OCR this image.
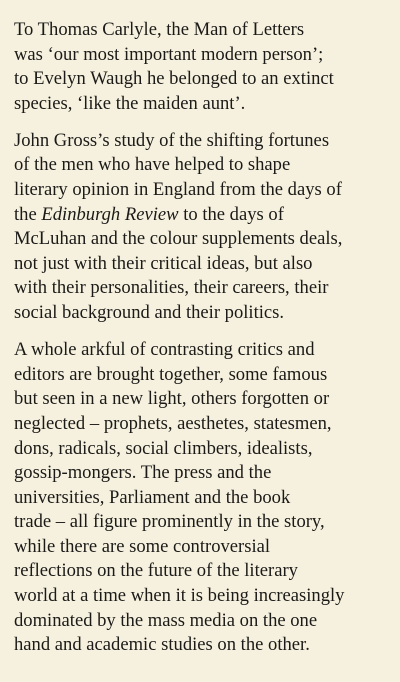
To Thomas Carlyle, the Man of Letters
was ‘our most important modern person’;
to Evelyn Waugh he belonged to an extinct
species, ‘like the maiden aunt’.

John Gross’s study of the shifting fortunes
of the men who have helped to shape
literary opinion in England from the days of
the Edinburgh Review to the days of
McLuhan and the colour supplements deals,
not just with their critical ideas, but also
with their personalities, their careers, their
social background and their politics.

A whole arkful of contrasting critics and
editors are brought together, some famous
but seen in a new light, others forgotten or
neglected – prophets, aesthetes, statesmen,
dons, radicals, social climbers, idealists,
gossip-mongers. The press and the
universities, Parliament and the book
trade – all figure prominently in the story,
while there are some controversial
reflections on the future of the literary
world at a time when it is being increasingly
dominated by the mass media on the one
hand and academic studies on the other.
